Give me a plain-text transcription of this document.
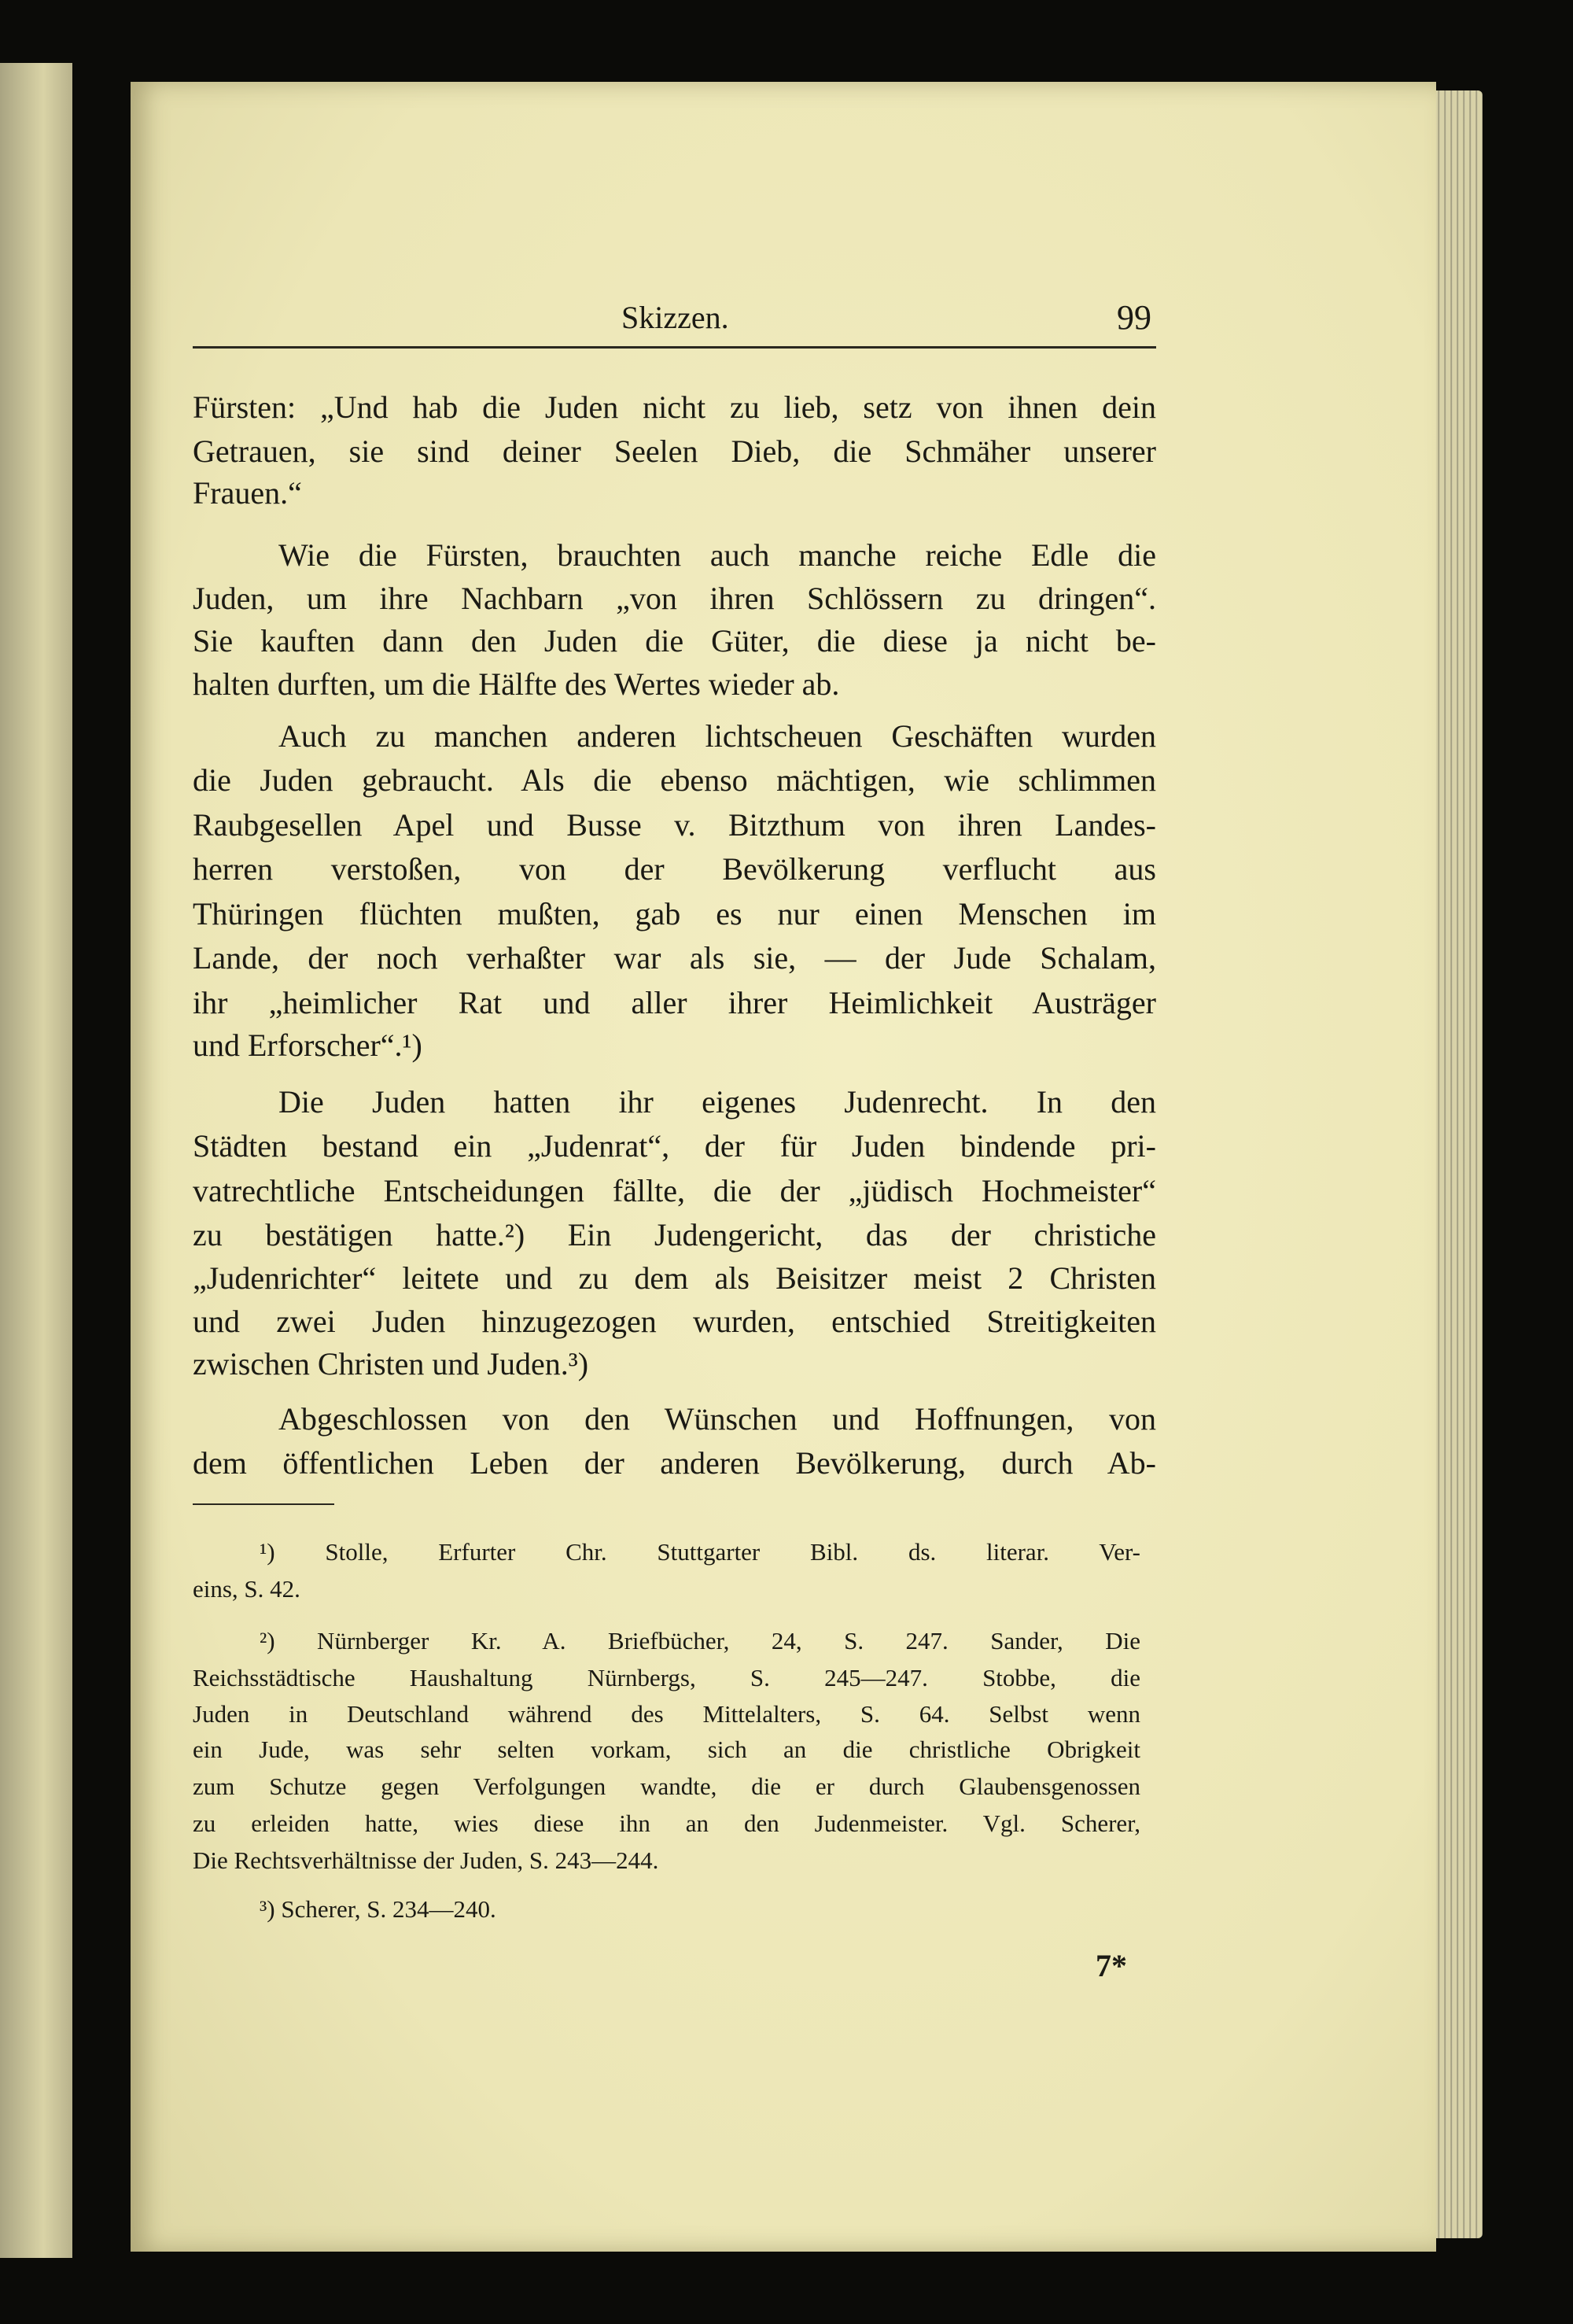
Skizzen.	99
Fürsten: „Und hab die Juden nicht zu lieb, setz von ihnen dein
Getrauen, sie sind deiner Seelen Dieb, die Schmäher unserer
Frauen.“
Wie die Fürsten, brauchten auch manche reiche Edle die
Juden, um ihre Nachbarn „von ihren Schlössern zu dringen“.
Sie kauften dann den Juden die Güter, die diese ja nicht be-
halten durften, um die Hälfte des Wertes wieder ab.
Auch zu manchen anderen lichtscheuen Geschäften wurden
die Juden gebraucht. Als die ebenso mächtigen, wie schlimmen
Raubgesellen Apel und Busse v. Bitzthum von ihren Landes-
herren verstoßen, von der Bevölkerung verflucht aus
Thüringen flüchten mußten, gab es nur einen Menschen im
Lande, der noch verhaßter war als sie, — der Jude Schalam,
ihr „heimlicher Rat und aller ihrer Heimlichkeit Austräger
und Erforscher“.¹)
Die Juden hatten ihr eigenes Judenrecht. In den
Städten bestand ein „Judenrat“, der für Juden bindende pri-
vatrechtliche Entscheidungen fällte, die der „jüdisch Hochmeister“
zu bestätigen hatte.²) Ein Judengericht, das der christiche
„Judenrichter“ leitete und zu dem als Beisitzer meist 2 Christen
und zwei Juden hinzugezogen wurden, entschied Streitigkeiten
zwischen Christen und Juden.³)
Abgeschlossen von den Wünschen und Hoffnungen, von
dem öffentlichen Leben der anderen Bevölkerung, durch Ab-
¹) Stolle, Erfurter Chr. Stuttgarter Bibl. ds. literar. Ver-
eins, S. 42.
²) Nürnberger Kr. A. Briefbücher, 24, S. 247. Sander, Die
Reichsstädtische Haushaltung Nürnbergs, S. 245—247. Stobbe, die
Juden in Deutschland während des Mittelalters, S. 64. Selbst wenn
ein Jude, was sehr selten vorkam, sich an die christliche Obrigkeit
zum Schutze gegen Verfolgungen wandte, die er durch Glaubensgenossen
zu erleiden hatte, wies diese ihn an den Judenmeister. Vgl. Scherer,
Die Rechtsverhältnisse der Juden, S. 243—244.
³) Scherer, S. 234—240.
7*
